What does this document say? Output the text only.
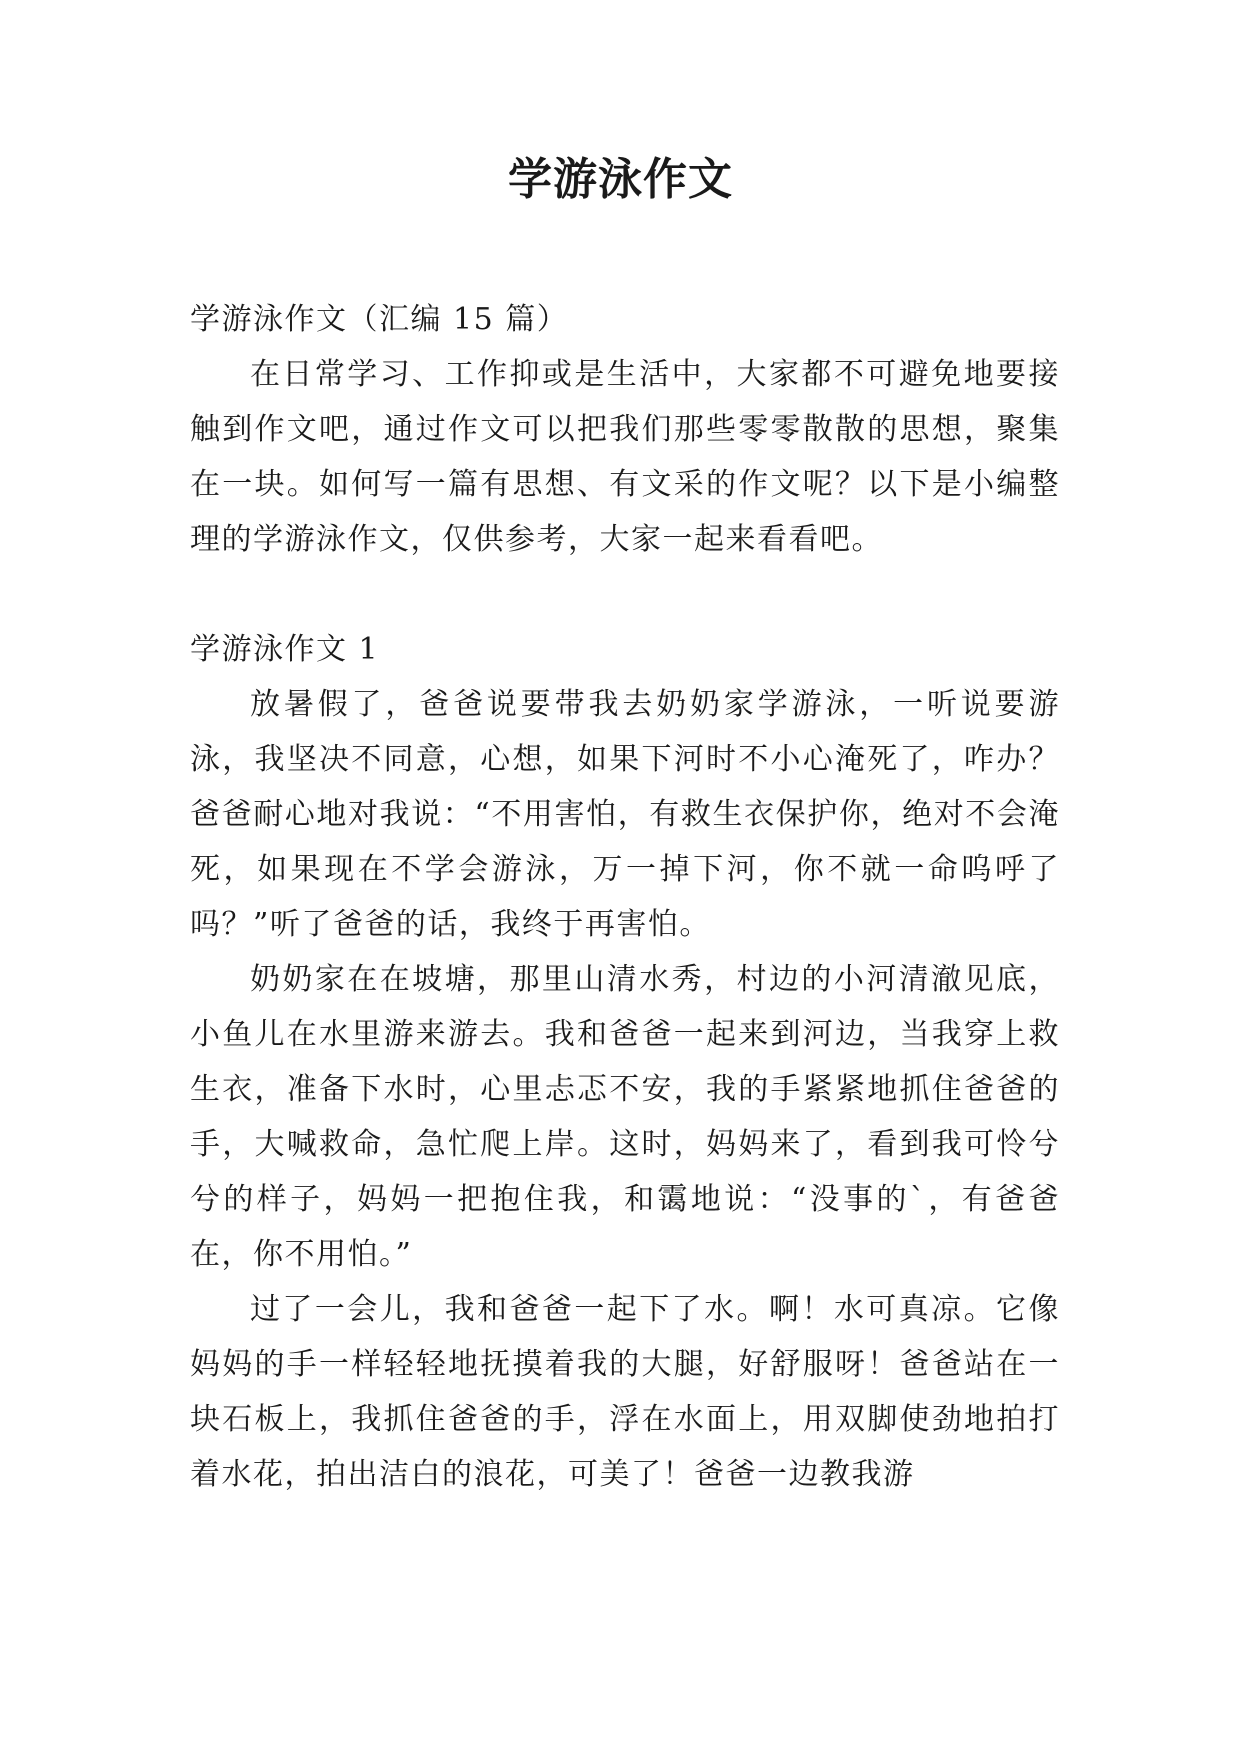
学游泳作文

学游泳作文（汇编 15 篇）

在日常学习、工作抑或是生活中，大家都不可避免地要接触到作文吧，通过作文可以把我们那些零零散散的思想，聚集在一块。如何写一篇有思想、有文采的作文呢？以下是小编整理的学游泳作文，仅供参考，大家一起来看看吧。

学游泳作文 1

放暑假了，爸爸说要带我去奶奶家学游泳，一听说要游泳，我坚决不同意，心想，如果下河时不小心淹死了，咋办？爸爸耐心地对我说：“不用害怕，有救生衣保护你，绝对不会淹死，如果现在不学会游泳，万一掉下河，你不就一命呜呼了吗？”听了爸爸的话，我终于再害怕。

奶奶家在在坡塘，那里山清水秀，村边的小河清澈见底，小鱼儿在水里游来游去。我和爸爸一起来到河边，当我穿上救生衣，准备下水时，心里忐忑不安，我的手紧紧地抓住爸爸的手，大喊救命，急忙爬上岸。这时，妈妈来了，看到我可怜兮兮的样子，妈妈一把抱住我，和霭地说：“没事的`，有爸爸在，你不用怕。”

过了一会儿，我和爸爸一起下了水。啊！水可真凉。它像妈妈的手一样轻轻地抚摸着我的大腿，好舒服呀！爸爸站在一块石板上，我抓住爸爸的手，浮在水面上，用双脚使劲地拍打着水花，拍出洁白的浪花，可美了！爸爸一边教我游
